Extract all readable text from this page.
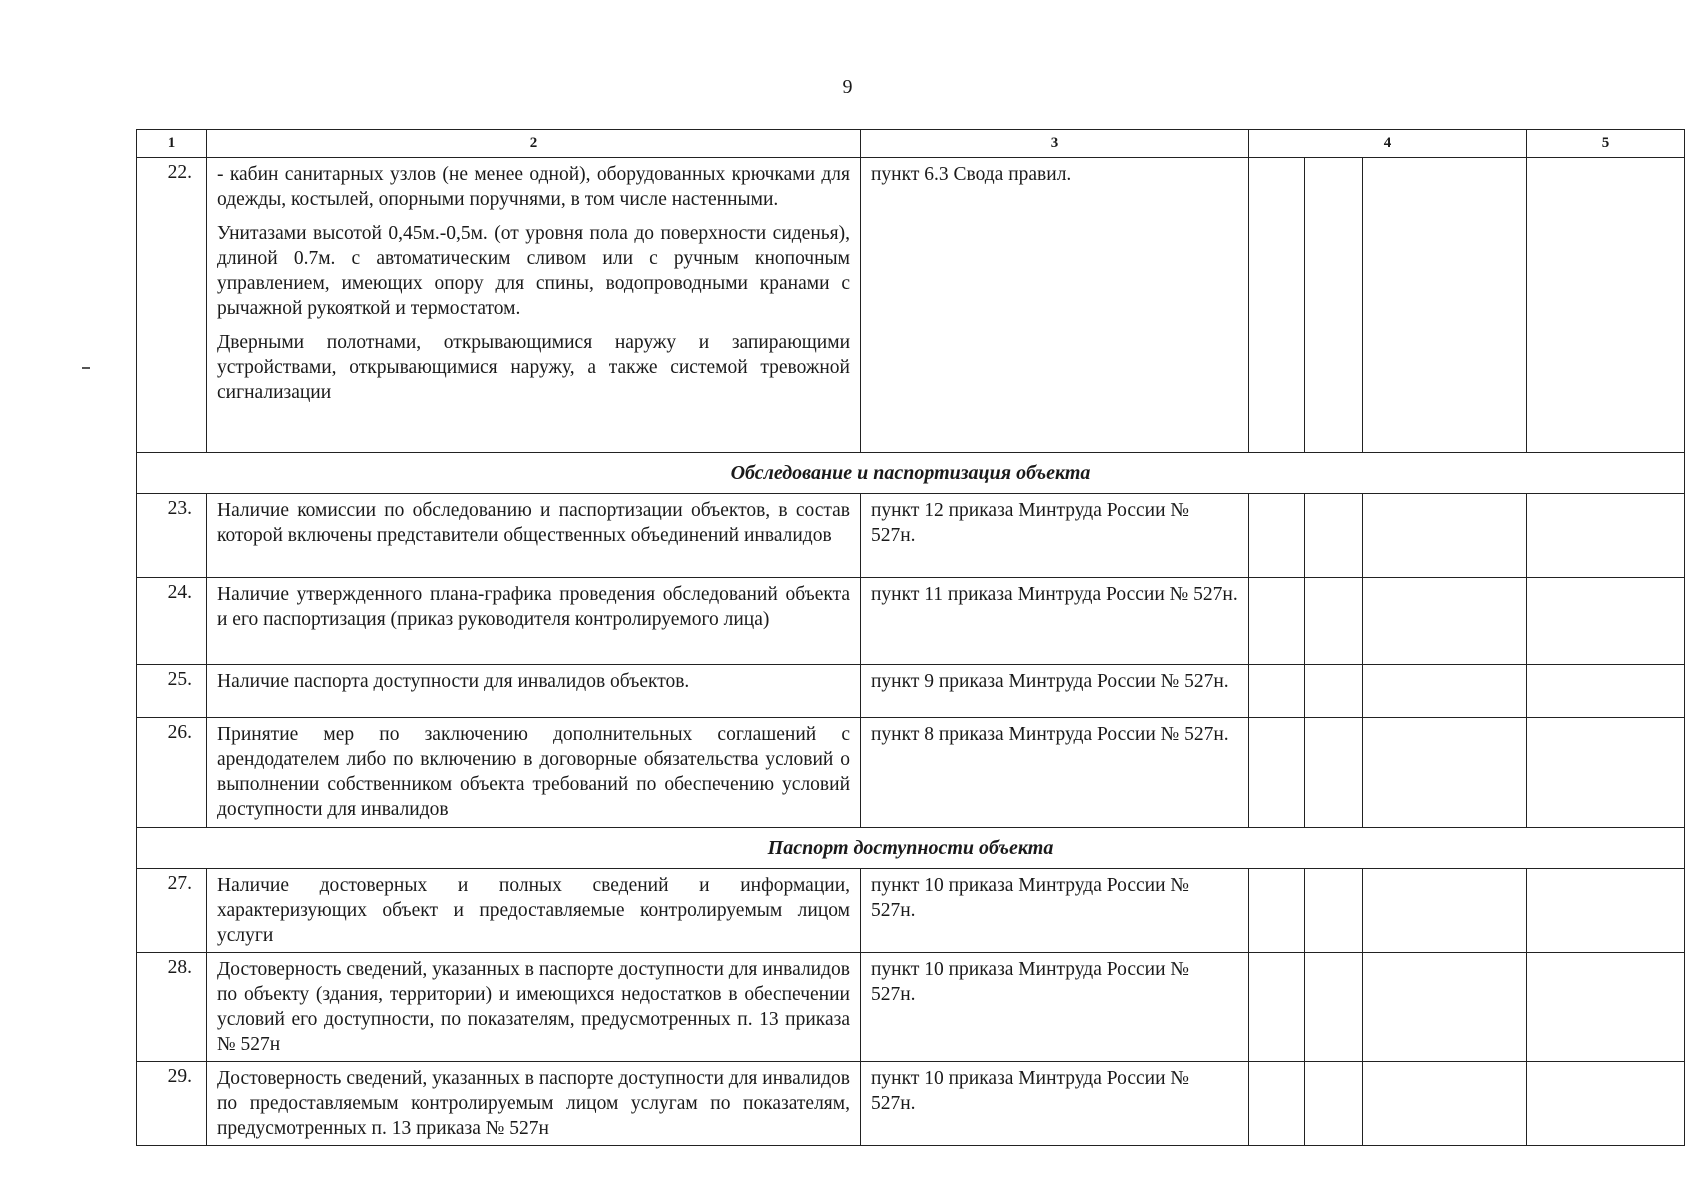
9
1	2	3	4			5
22.	- кабин санитарных узлов (не менее одной), оборудованных крючками для одежды, костылей, опорными поручнями, в том числе настенными.
Унитазами высотой 0,45м.-0,5м. (от уровня пола до поверхности сиденья), длиной 0.7м. с автоматическим сливом или с ручным кнопочным управлением, имеющих опору для спины, водопроводными кранами с рычажной рукояткой и термостатом.
Дверными полотнами, открывающимися наружу и запирающими устройствами, открывающимися наружу, а также системой тревожной сигнализации	пункт 6.3 Свода правил.				
Обследование и паспортизация объекта						
23.	Наличие комиссии по обследованию и паспортизации объектов, в состав которой включены представители общественных объединений инвалидов	пункт 12 приказа Минтруда России № 527н.				
24.	Наличие утвержденного плана-графика проведения обследований объекта и его паспортизация (приказ руководителя контролируемого лица)	пункт 11 приказа Минтруда России № 527н.				
25.	Наличие паспорта доступности для инвалидов объектов.	пункт 9 приказа Минтруда России № 527н.				
26.	Принятие мер по заключению дополнительных соглашений с арендодателем либо по включению в договорные обязательства условий о выполнении собственником объекта требований по обеспечению условий доступности для инвалидов	пункт 8 приказа Минтруда России № 527н.				
Паспорт доступности объекта						
27.	Наличие достоверных и полных сведений и информации, характеризующих объект и предоставляемые контролируемым лицом услуги	пункт 10 приказа Минтруда России № 527н.				
28.	Достоверность сведений, указанных в паспорте доступности для инвалидов по объекту (здания, территории) и имеющихся недостатков в обеспечении условий его доступности, по показателям, предусмотренных п. 13 приказа № 527н	пункт 10 приказа Минтруда России № 527н.				
29.	Достоверность сведений, указанных в паспорте доступности для инвалидов по предоставляемым контролируемым лицом услугам по показателям, предусмотренных п. 13 приказа № 527н	пункт 10 приказа Минтруда России № 527н.				
